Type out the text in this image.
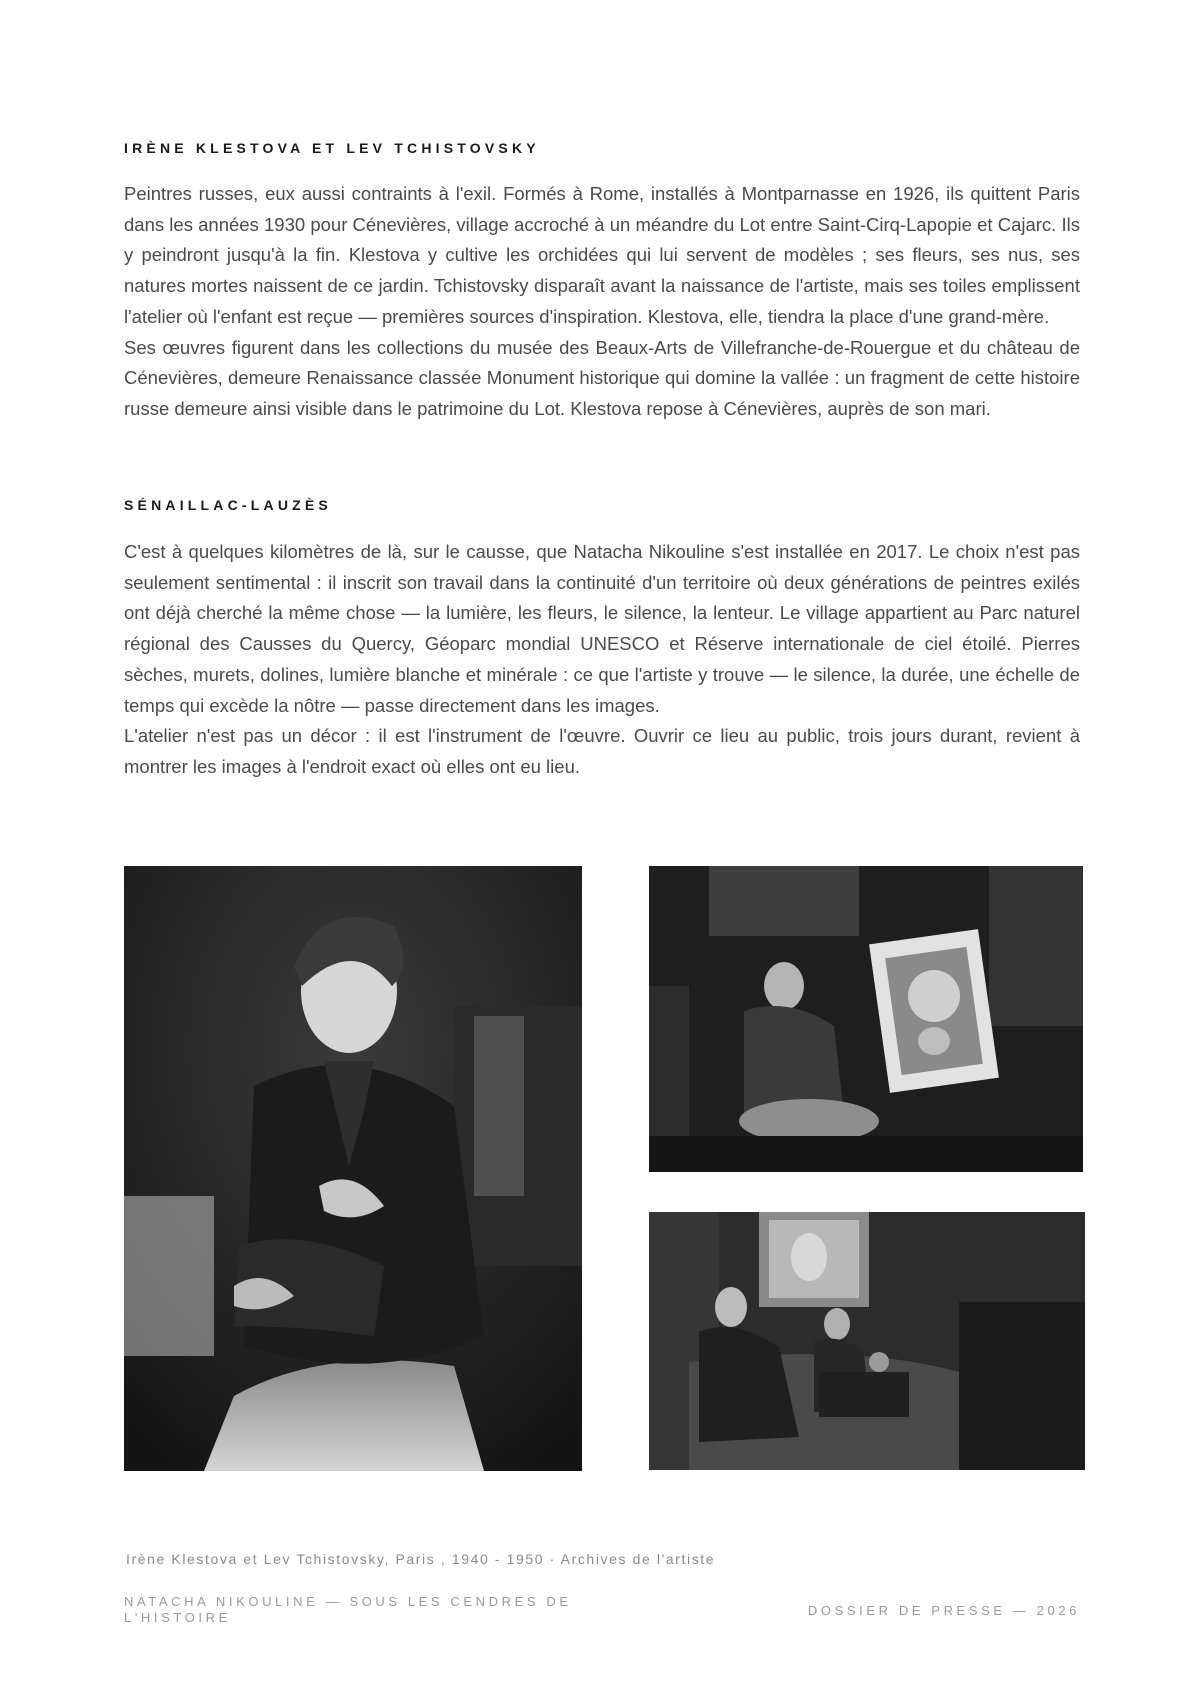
IRÈNE KLESTOVA ET LEV TCHISTOVSKY

Peintres russes, eux aussi contraints à l'exil. Formés à Rome, installés à Montparnasse en 1926, ils quittent Paris dans les années 1930 pour Cénevières, village accroché à un méandre du Lot entre Saint-Cirq-Lapopie et Cajarc. Ils y peindront jusqu'à la fin. Klestova y cultive les orchidées qui lui servent de modèles ; ses fleurs, ses nus, ses natures mortes naissent de ce jardin. Tchistovsky disparaît avant la naissance de l'artiste, mais ses toiles emplissent l'atelier où l'enfant est reçue — premières sources d'inspiration. Klestova, elle, tiendra la place d'une grand-mère.

Ses œuvres figurent dans les collections du musée des Beaux-Arts de Villefranche-de-Rouergue et du château de Cénevières, demeure Renaissance classée Monument historique qui domine la vallée : un fragment de cette histoire russe demeure ainsi visible dans le patrimoine du Lot. Klestova repose à Cénevières, auprès de son mari.

SÉNAILLAC-LAUZÈS

C'est à quelques kilomètres de là, sur le causse, que Natacha Nikouline s'est installée en 2017. Le choix n'est pas seulement sentimental : il inscrit son travail dans la continuité d'un territoire où deux générations de peintres exilés ont déjà cherché la même chose — la lumière, les fleurs, le silence, la lenteur. Le village appartient au Parc naturel régional des Causses du Quercy, Géoparc mondial UNESCO et Réserve internationale de ciel étoilé. Pierres sèches, murets, dolines, lumière blanche et minérale : ce que l'artiste y trouve — le silence, la durée, une échelle de temps qui excède la nôtre — passe directement dans les images.

L'atelier n'est pas un décor : il est l'instrument de l'œuvre. Ouvrir ce lieu au public, trois jours durant, revient à montrer les images à l'endroit exact où elles ont eu lieu.

Irène Klestova et Lev Tchistovsky, Paris , 1940 - 1950 · Archives de l'artiste
NATACHA NIKOULINE — SOUS LES CENDRES DE L'HISTOIRE	DOSSIER DE PRESSE — 2026
